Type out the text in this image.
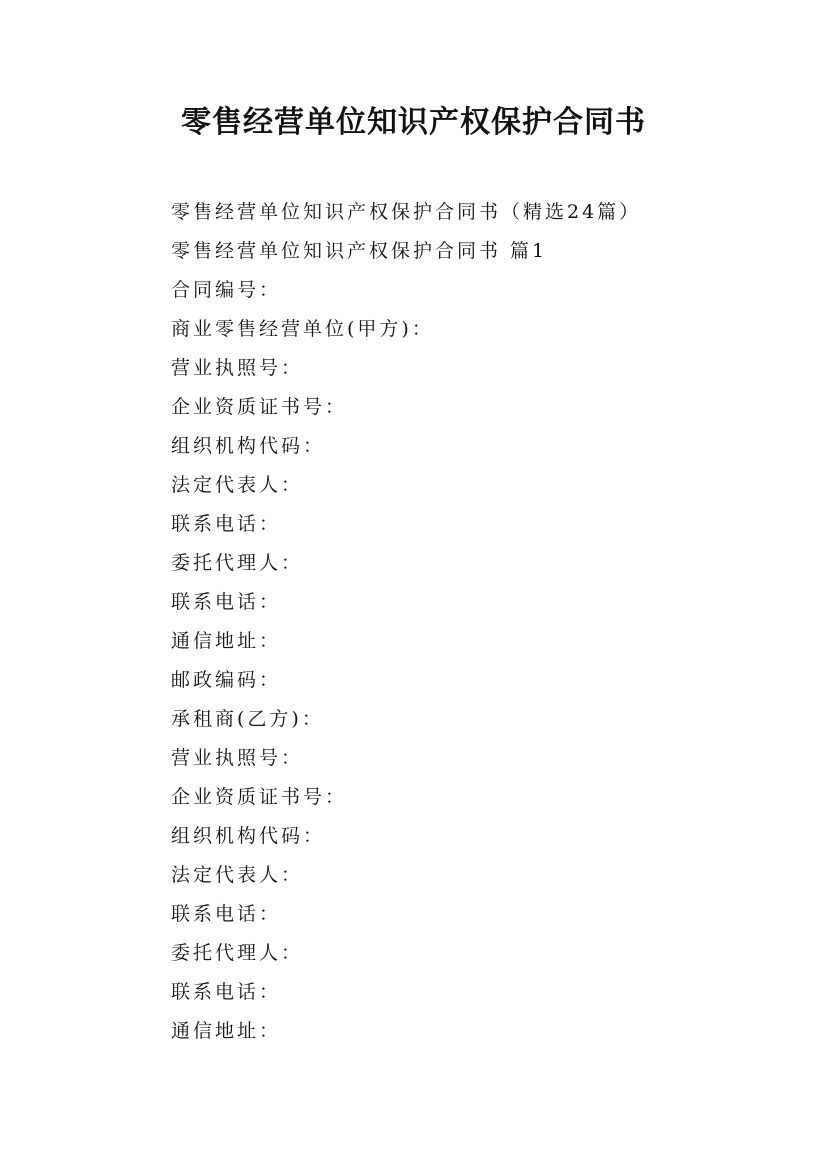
零售经营单位知识产权保护合同书
零售经营单位知识产权保护合同书（精选24篇）
零售经营单位知识产权保护合同书 篇1
合同编号：
商业零售经营单位(甲方)：
营业执照号：
企业资质证书号：
组织机构代码：
法定代表人：
联系电话：
委托代理人：
联系电话：
通信地址：
邮政编码：
承租商(乙方)：
营业执照号：
企业资质证书号：
组织机构代码：
法定代表人：
联系电话：
委托代理人：
联系电话：
通信地址：
